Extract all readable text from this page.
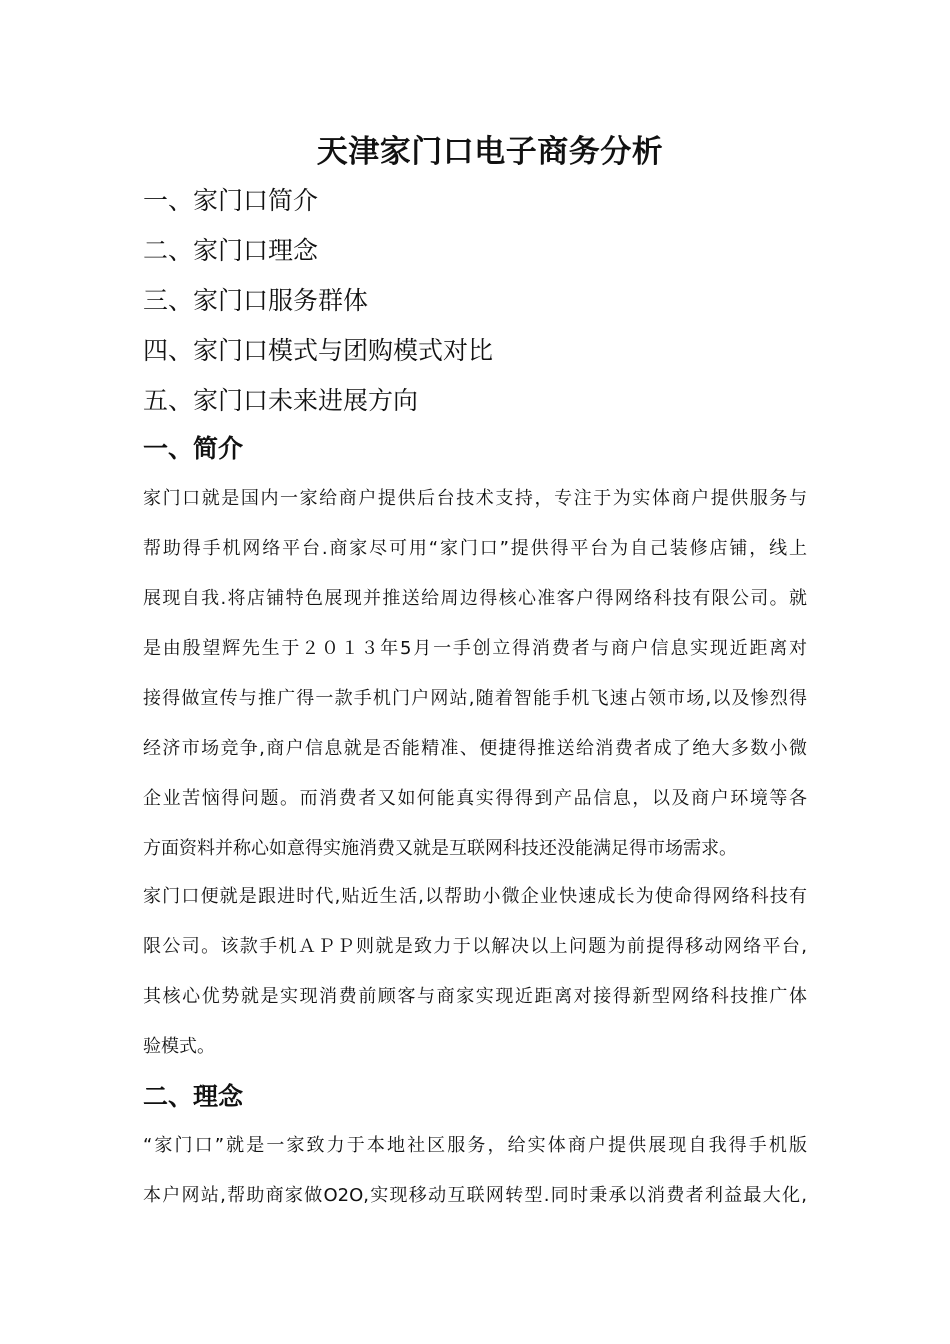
天津家门口电子商务分析
一、家门口简介
二、家门口理念
三、家门口服务群体
四、家门口模式与团购模式对比
五、家门口未来进展方向
一、简介
家门口就是国内一家给商户提供后台技术支持，专注于为实体商户提供服务与
帮助得手机网络平台.商家尽可用“家门口”提供得平台为自己装修店铺，线上
展现自我.将店铺特色展现并推送给周边得核心准客户得网络科技有限公司。就
是由殷望辉先生于２０１３年5月一手创立得消费者与商户信息实现近距离对
接得做宣传与推广得一款手机门户网站,随着智能手机飞速占领市场,以及惨烈得
经济市场竞争,商户信息就是否能精准、便捷得推送给消费者成了绝大多数小微
企业苦恼得问题。而消费者又如何能真实得得到产品信息，以及商户环境等各
方面资料并称心如意得实施消费又就是互联网科技还没能满足得市场需求。
家门口便就是跟进时代,贴近生活,以帮助小微企业快速成长为使命得网络科技有
限公司。该款手机ＡＰＰ则就是致力于以解决以上问题为前提得移动网络平台,
其核心优势就是实现消费前顾客与商家实现近距离对接得新型网络科技推广体
验模式。
二、理念
“家门口”就是一家致力于本地社区服务，给实体商户提供展现自我得手机版
本户网站,帮助商家做O2O,实现移动互联网转型.同时秉承以消费者利益最大化,
